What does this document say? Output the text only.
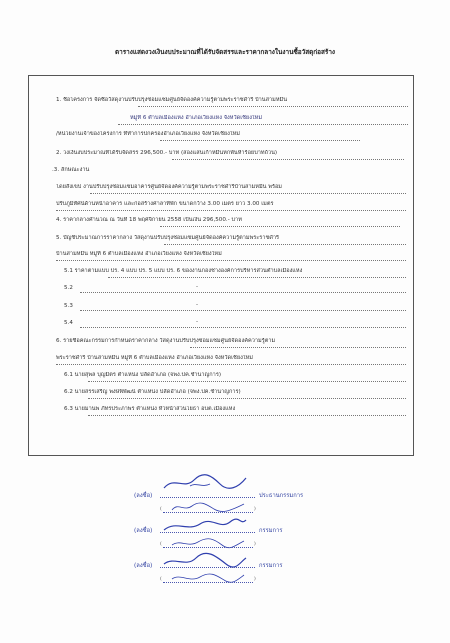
ตารางแสดงวงเงินงบประมาณที่ได้รับจัดสรรและราคากลางในงานซื้อวัสดุก่อสร้าง
1. ชื่อโครงการ จัดซื้อวัสดุงานปรับปรุงซ่อมแซมศูนย์จัดองค์ความรู้ตามพระราชดำริ บ้านสามหมื่น
หมู่ที่ 6 ตำบลเมืองแหง อำเภอเวียงแหง จังหวัดเชียงใหม่
/หน่วยงานเจ้าของโครงการ ที่ทำการปกครองอำเภอเวียงแหง จังหวัดเชียงใหม่
2. วงเงินงบประมาณที่ได้รับจัดสรร 296,500.- บาท (สองแสนเก้าหมื่นหกพันห้าร้อยบาทถ้วน)
.3. ลักษณะงาน
โดยสังเขป งานปรับปรุงซ่อมแซมอาคารศูนย์จัดองค์ความรู้ตามพระราชดำริบ้านสามหมื่น พร้อม
ปรับภูมิทัศน์ด้านหน้าอาคาร และก่อสร้างศาลาที่พัก ขนาดกว้าง 3.00 เมตร ยาว 3.00 เมตร
4. ราคากลางคำนวณ ณ วันที่ 18 พฤศจิกายน 2558 เป็นเงิน 296,500.- บาท
5. บัญชีประมาณการราคากลาง วัสดุงานปรับปรุงซ่อมแซมศูนย์จัดองค์ความรู้ตามพระราชดำริ
บ้านสามหมื่น หมู่ที่ 6 ตำบลเมืองแหง อำเภอเวียงแหง จังหวัดเชียงใหม่
5.1 ราคาตามแบบ ปร. 4 แบบ ปร. 5 แบบ ปร. 6 ของงานกองช่างองค์การบริหารส่วนตำบลเมืองแหง
5.2	-
5.3	-
5.4	-
6. รายชื่อคณะกรรมการกำหนดราคากลาง วัสดุงานปรับปรุงซ่อมแซมศูนย์จัดองค์ความรู้ตาม
พระราชดำริ บ้านสามหมื่น หมู่ที่ 6 ตำบลเมืองแหง อำเภอเวียงแหง จังหวัดเชียงใหม่
6.1 นายสุพล บุญมิตร ตำแหน่ง ปลัดอำเภอ (จพง.ปค.ชำนาญการ)
6.2 นายสรรเสริญ พงษ์พิพัฒน์ ตำแหน่ง ปลัดอำเภอ (จพง.ปค.ชำนาญการ)
6.3 นายมานพ ภัทรประภาพร ตำแหน่ง หัวหน้าส่วนโยธา อบต.เมืองแหง
(ลงชื่อ)	ประธานกรรมการ
(	)
(ลงชื่อ)	กรรมการ
(	)
(ลงชื่อ)	กรรมการ
(	)
